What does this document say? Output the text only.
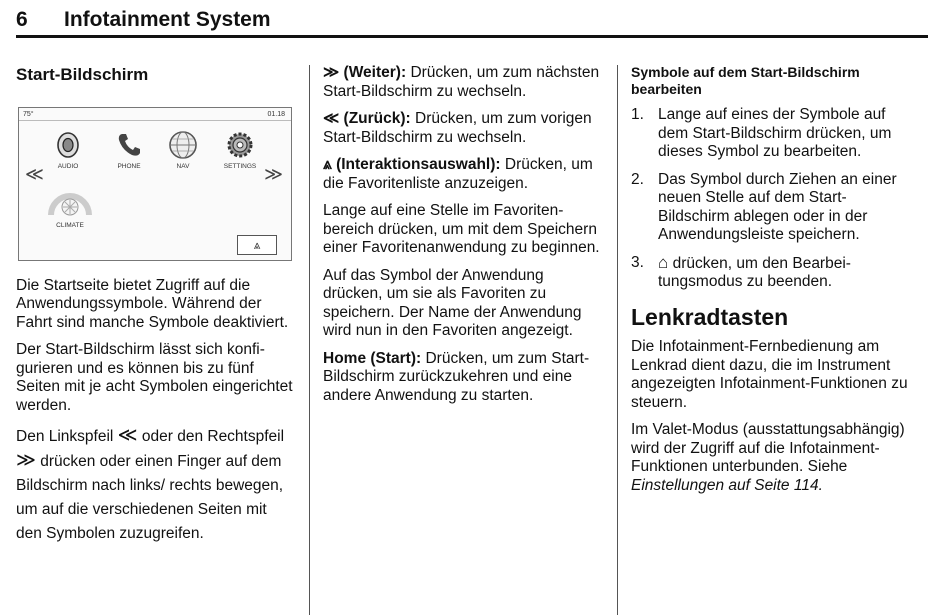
6 Infotainment System
Start-Bildschirm
75°	01.18
AUDIO	PHONE	NAV	SETTINGS
CLIMATE
≪	≫
⩓

Die Startseite bietet Zugriff auf die Anwendungssymbole. Während der Fahrt sind manche Symbole deaktiviert.

Der Start-Bildschirm lässt sich konfigurieren und es können bis zu fünf Seiten mit je acht Symbolen eingerichtet werden.

Den Linkspfeil ≪ oder den Rechtspfeil ≫ drücken oder einen Finger auf dem Bildschirm nach links/ rechts bewegen, um auf die verschiedenen Seiten mit den Symbolen zuzugreifen.

≫ (Weiter): Drücken, um zum nächsten Start-Bildschirm zu wechseln.

≪ (Zurück): Drücken, um zum vorigen Start-Bildschirm zu wechseln.

⩓ (Interaktionsauswahl): Drücken, um die Favoritenliste anzuzeigen.

Lange auf eine Stelle im Favoritenbereich drücken, um mit dem Speichern einer Favoritenanwendung zu beginnen.

Auf das Symbol der Anwendung drücken, um sie als Favoriten zu speichern. Der Name der Anwendung wird nun in den Favoriten angezeigt.

Home (Start): Drücken, um zum Start-Bildschirm zurückzukehren und eine andere Anwendung zu starten.

Symbole auf dem Start-Bildschirm bearbeiten
1. Lange auf eines der Symbole auf dem Start-Bildschirm drücken, um dieses Symbol zu bearbeiten.
2. Das Symbol durch Ziehen an einer neuen Stelle auf dem Start-Bildschirm ablegen oder in der Anwendungsleiste speichern.
3. ⌂ drücken, um den Bearbeitungsmodus zu beenden.
Lenkradtasten

Die Infotainment-Fernbedienung am Lenkrad dient dazu, die im Instrument angezeigten Infotainment-Funktionen zu steuern.

Im Valet-Modus (ausstattungsabhängig) wird der Zugriff auf die Infotainment-Funktionen unterbunden. Siehe Einstellungen auf Seite 114.
